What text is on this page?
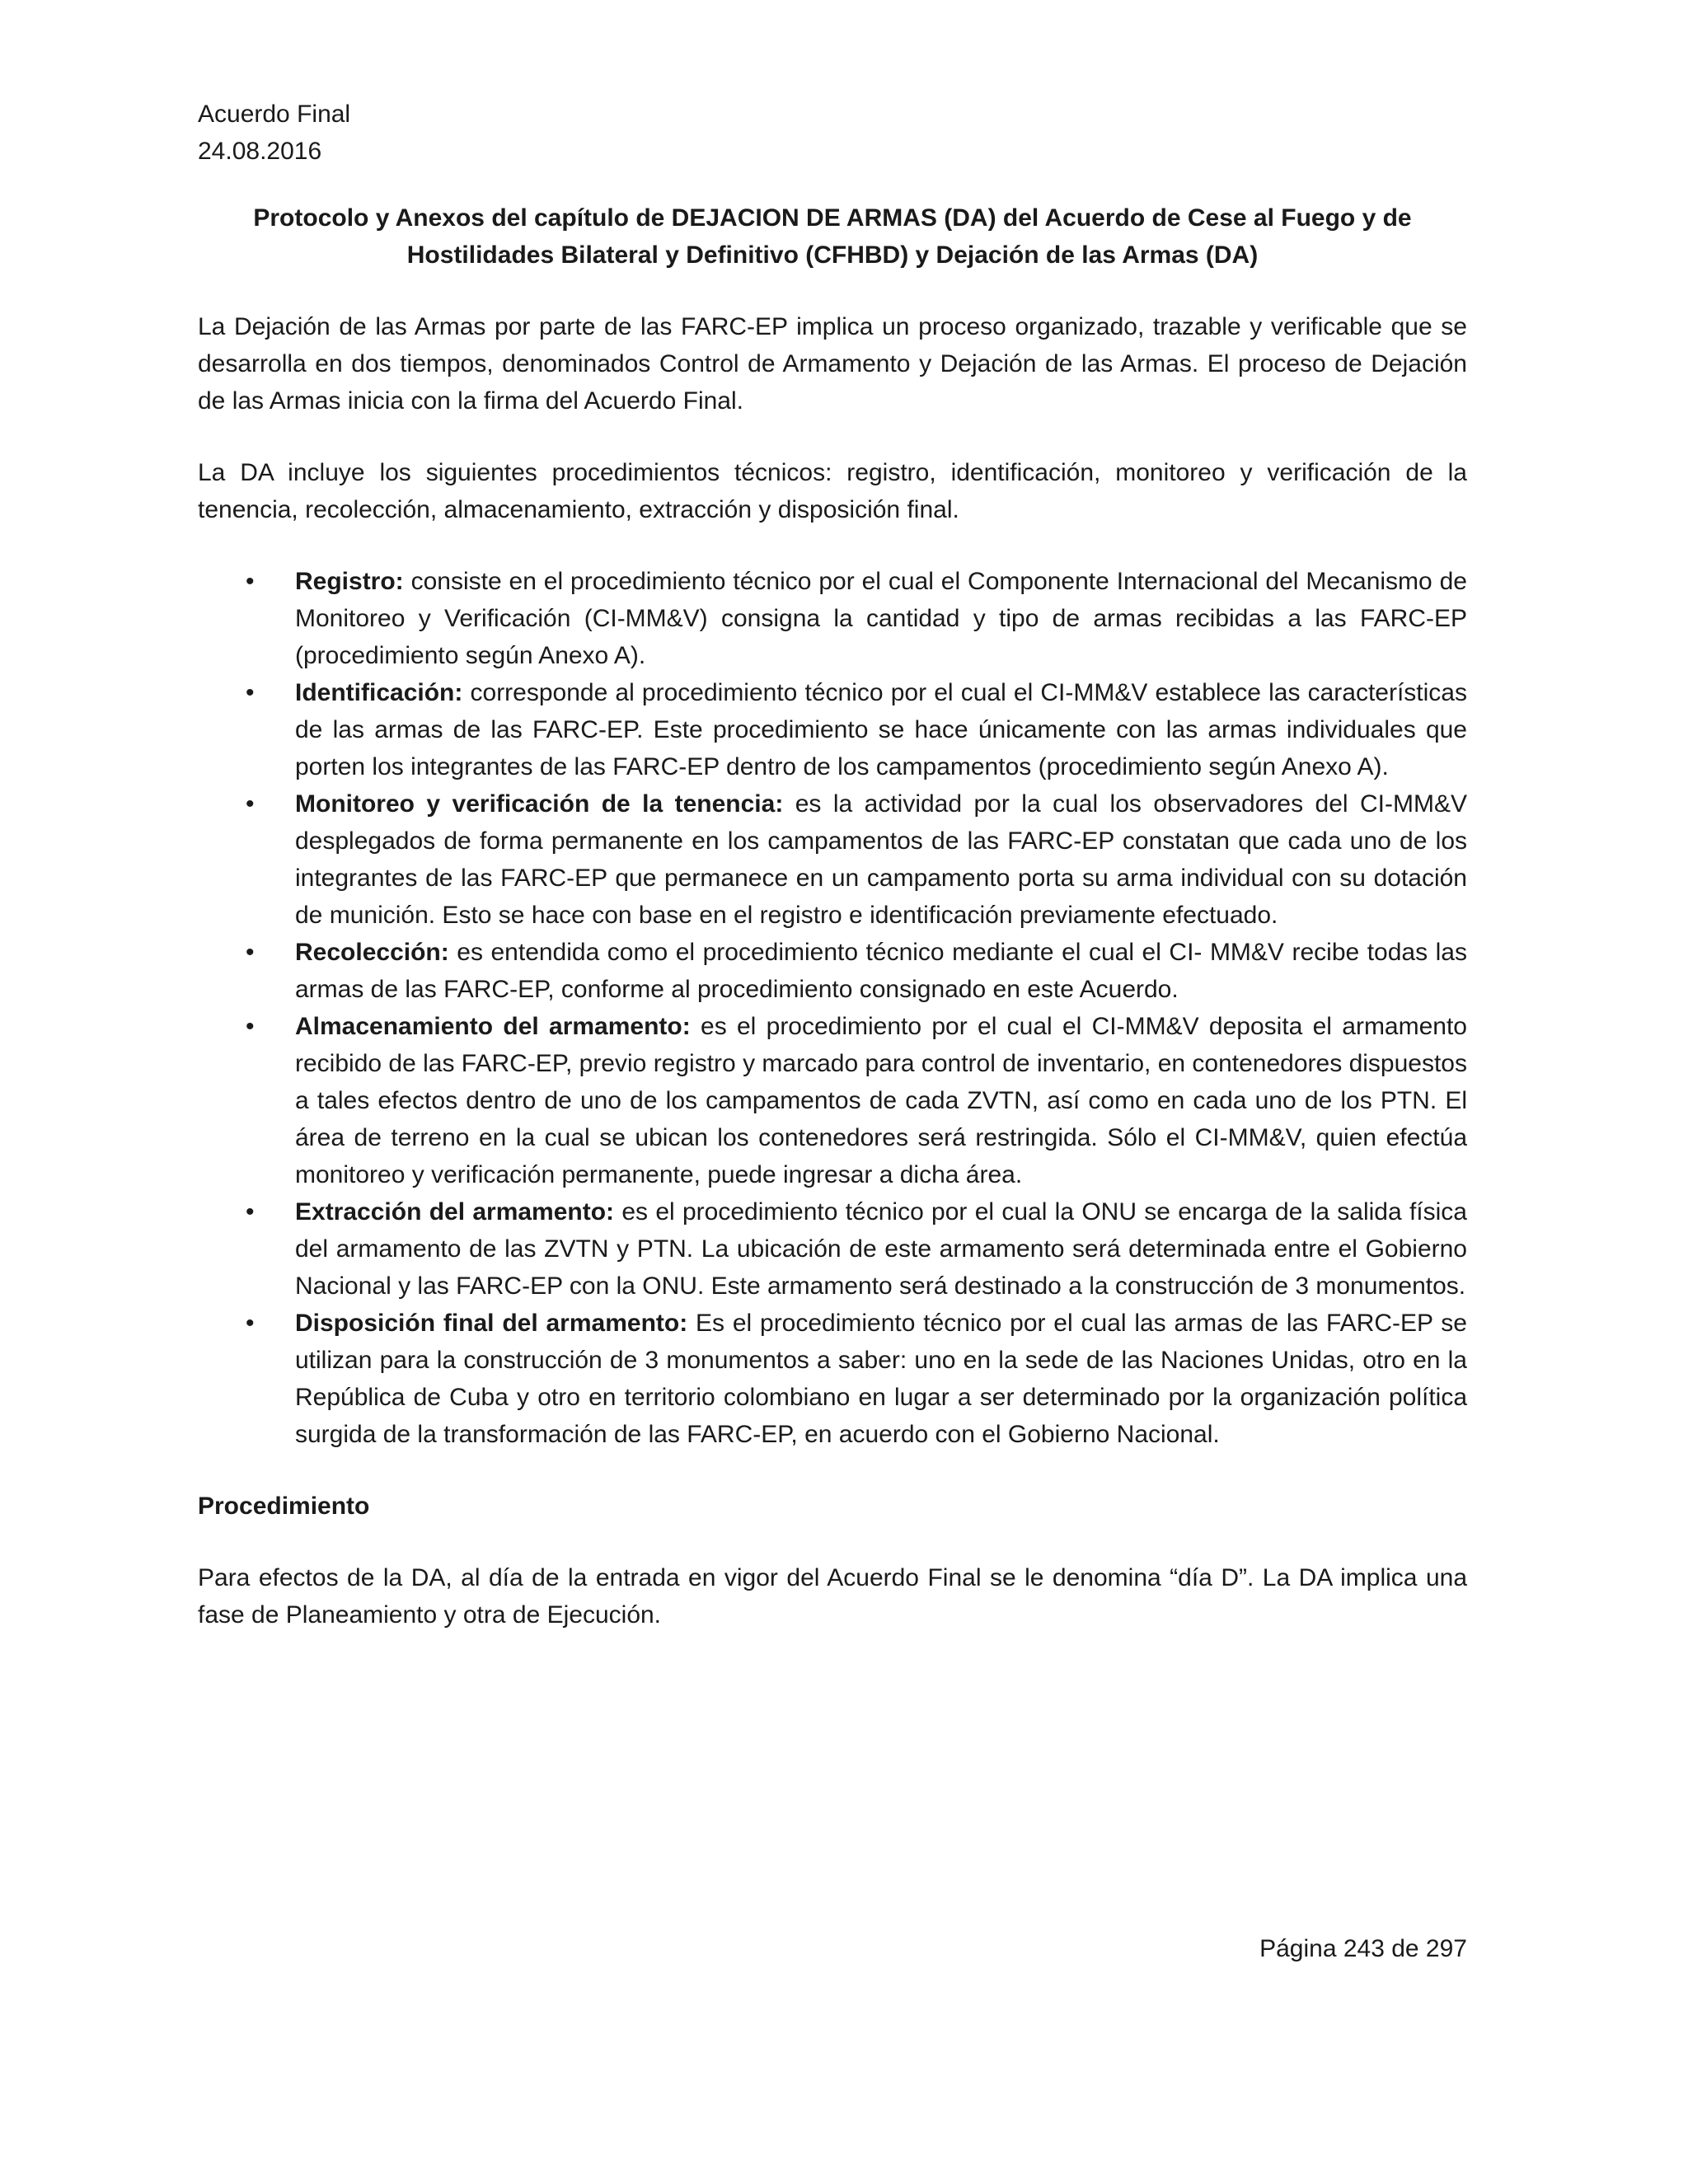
Acuerdo Final
24.08.2016
Protocolo y Anexos del capítulo de DEJACION DE ARMAS (DA) del Acuerdo de Cese al Fuego y de Hostilidades Bilateral y Definitivo (CFHBD) y Dejación de las Armas (DA)
La Dejación de las Armas por parte de las FARC-EP implica un proceso organizado, trazable y verificable que se desarrolla en dos tiempos, denominados Control de Armamento y Dejación de las Armas. El proceso de Dejación de las Armas inicia con la firma del Acuerdo Final.
La DA incluye los siguientes procedimientos técnicos: registro, identificación, monitoreo y verificación de la tenencia, recolección, almacenamiento, extracción y disposición final.
• Registro: consiste en el procedimiento técnico por el cual el Componente Internacional del Mecanismo de Monitoreo y Verificación (CI-MM&V) consigna la cantidad y tipo de armas recibidas a las FARC-EP (procedimiento según Anexo A).
• Identificación: corresponde al procedimiento técnico por el cual el CI-MM&V establece las características de las armas de las FARC-EP. Este procedimiento se hace únicamente con las armas individuales que porten los integrantes de las FARC-EP dentro de los campamentos (procedimiento según Anexo A).
• Monitoreo y verificación de la tenencia: es la actividad por la cual los observadores del CI-MM&V desplegados de forma permanente en los campamentos de las FARC-EP constatan que cada uno de los integrantes de las FARC-EP que permanece en un campamento porta su arma individual con su dotación de munición. Esto se hace con base en el registro e identificación previamente efectuado.
• Recolección: es entendida como el procedimiento técnico mediante el cual el CI- MM&V recibe todas las armas de las FARC-EP, conforme al procedimiento consignado en este Acuerdo.
• Almacenamiento del armamento: es el procedimiento por el cual el CI-MM&V deposita el armamento recibido de las FARC-EP, previo registro y marcado para control de inventario, en contenedores dispuestos a tales efectos dentro de uno de los campamentos de cada ZVTN, así como en cada uno de los PTN. El área de terreno en la cual se ubican los contenedores será restringida. Sólo el CI-MM&V, quien efectúa monitoreo y verificación permanente, puede ingresar a dicha área.
• Extracción del armamento: es el procedimiento técnico por el cual la ONU se encarga de la salida física del armamento de las ZVTN y PTN. La ubicación de este armamento será determinada entre el Gobierno Nacional y las FARC-EP con la ONU. Este armamento será destinado a la construcción de 3 monumentos.
• Disposición final del armamento: Es el procedimiento técnico por el cual las armas de las FARC-EP se utilizan para la construcción de 3 monumentos a saber: uno en la sede de las Naciones Unidas, otro en la República de Cuba y otro en territorio colombiano en lugar a ser determinado por la organización política surgida de la transformación de las FARC-EP, en acuerdo con el Gobierno Nacional.
Procedimiento
Para efectos de la DA, al día de la entrada en vigor del Acuerdo Final se le denomina “día D”. La DA implica una fase de Planeamiento y otra de Ejecución.
Página 243 de 297
